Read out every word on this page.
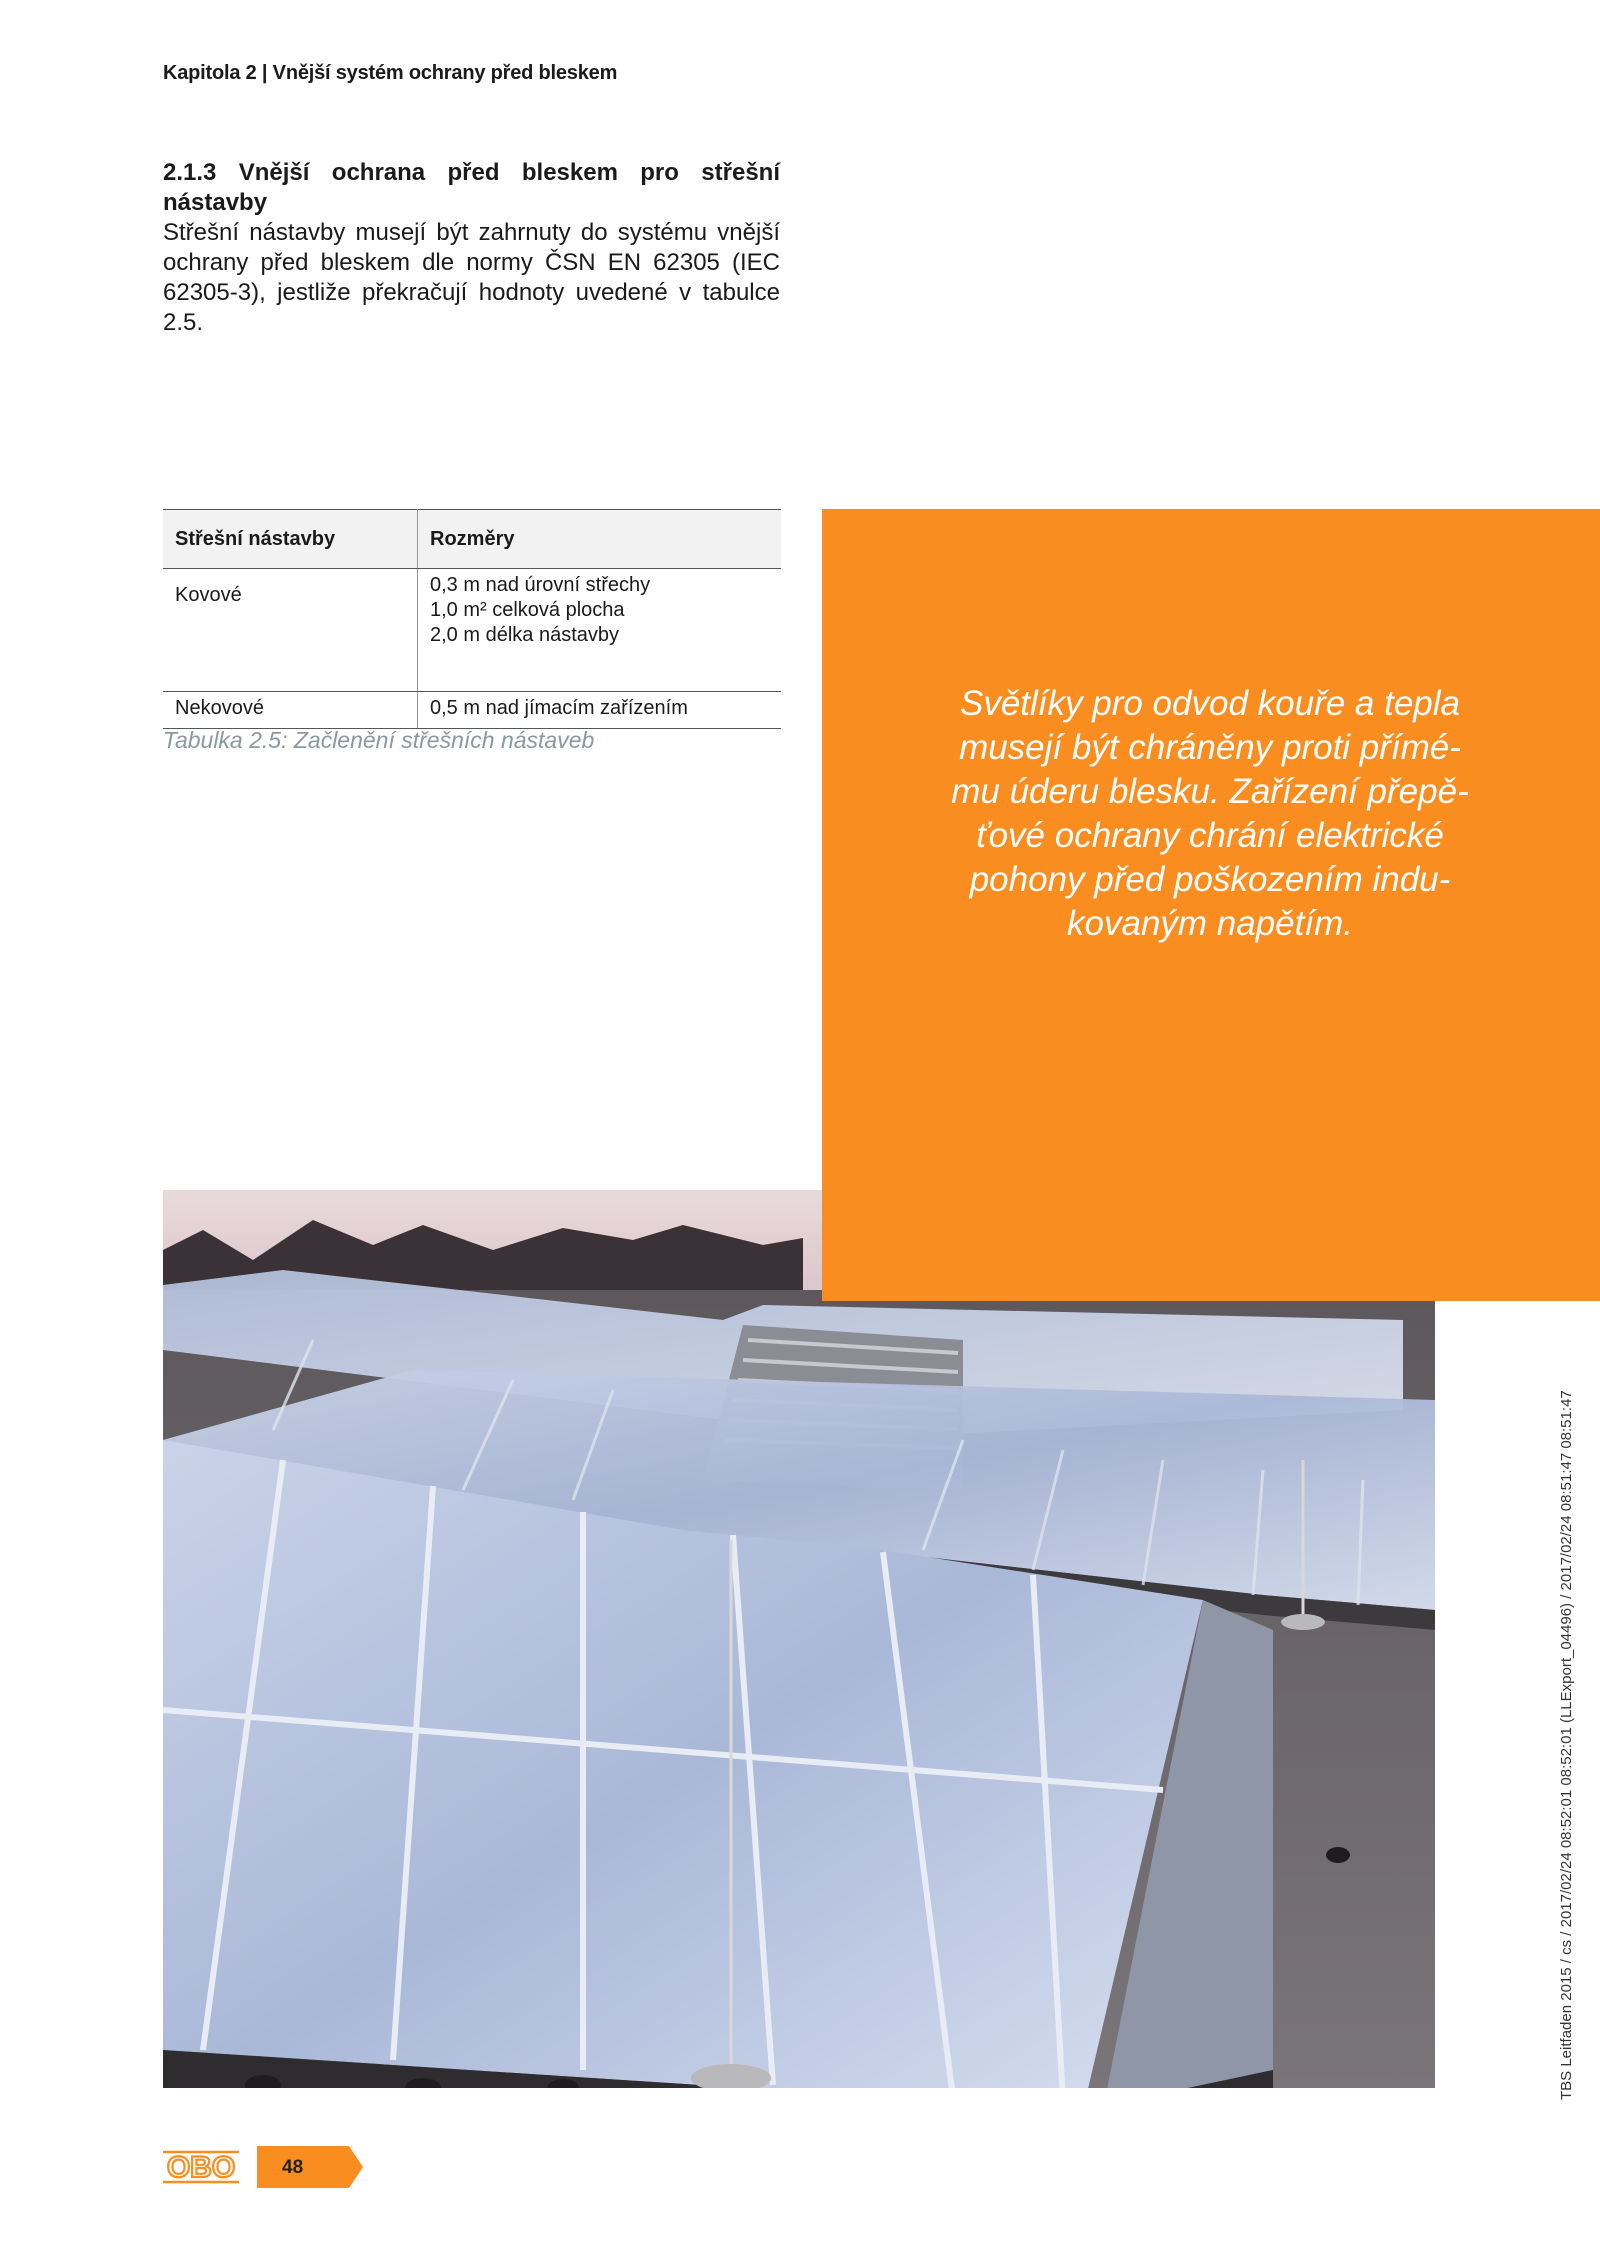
Kapitola 2 | Vnější systém ochrany před bleskem
2.1.3 Vnější ochrana před bleskem pro střešní nástavby
Střešní nástavby musejí být zahrnuty do systému vnější ochrany před bleskem dle normy ČSN EN 62305 (IEC 62305-3), jestliže překračují hodnoty uvedené v tabulce 2.5.
Střešní nástavby	Rozměry
Kovové	0,3 m nad úrovní střechy
1,0 m² celková plocha
2,0 m délka nástavby

Nekovové	0,5 m nad jímacím zařízením
Tabulka 2.5: Začlenění střešních nástaveb
Světlíky pro odvod kouře a tepla
musejí být chráněny proti přímé-
mu úderu blesku. Zařízení přepě-
ťové ochrany chrání elektrické
pohony před poškozením indu-
kovaným napětím.
TBS Leitfaden 2015 / cs / 2017/02/24 08:52:01 08:52:01 (LLExport_04496) / 2017/02/24 08:51:47 08:51:47
OBO 48
